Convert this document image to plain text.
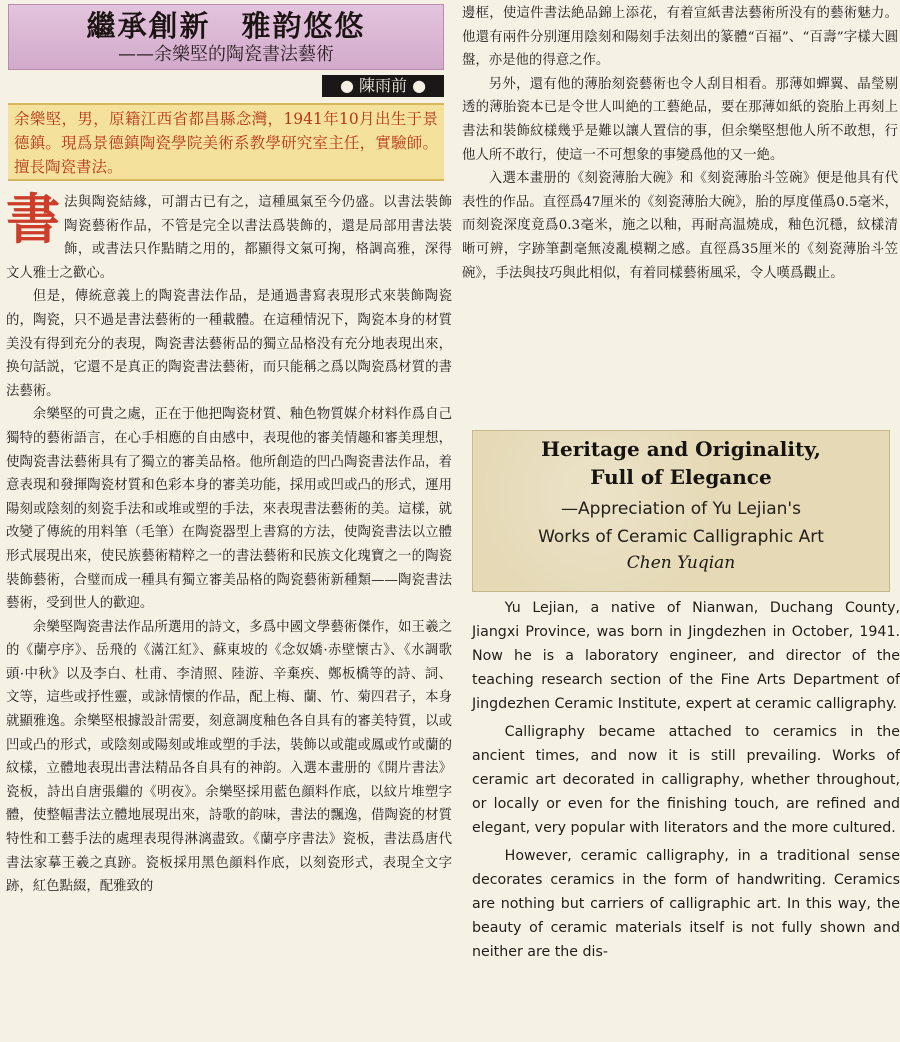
繼承創新　雅韵悠悠
——余樂堅的陶瓷書法藝術
● 陳雨前 ●
余樂堅，男，原籍江西省都昌縣念灣，1941年10月出生于景德鎮。現爲景德鎮陶瓷學院美術系教學研究室主任，實驗師。擅長陶瓷書法。

書法與陶瓷結緣，可謂古已有之，這種風氣至今仍盛。以書法裝飾陶瓷藝術作品，不管是完全以書法爲裝飾的，還是局部用書法裝飾，或書法只作點睛之用的，都顯得文氣可掬，格調高雅，深得文人雅士之歡心。

但是，傳統意義上的陶瓷書法作品，是通過書寫表現形式來裝飾陶瓷的，陶瓷，只不過是書法藝術的一種載體。在這種情況下，陶瓷本身的材質美没有得到充分的表現，陶瓷書法藝術品的獨立品格没有充分地表現出來，换句話説，它還不是真正的陶瓷書法藝術，而只能稱之爲以陶瓷爲材質的書法藝術。

余樂堅的可貴之處，正在于他把陶瓷材質、釉色物質媒介材料作爲自己獨特的藝術語言，在心手相應的自由感中，表現他的審美情趣和審美理想，使陶瓷書法藝術具有了獨立的審美品格。他所創造的凹凸陶瓷書法作品，着意表現和發揮陶瓷材質和色彩本身的審美功能，採用或凹或凸的形式，運用陽刻或陰刻的刻瓷手法和或堆或塑的手法，來表現書法藝術的美。這樣，就改變了傳統的用料筆（毛筆）在陶瓷器型上書寫的方法，使陶瓷書法以立體形式展現出來，使民族藝術精粹之一的書法藝術和民族文化瑰寶之一的陶瓷裝飾藝術，合璧而成一種具有獨立審美品格的陶瓷藝術新種類——陶瓷書法藝術，受到世人的歡迎。

余樂堅陶瓷書法作品所選用的詩文，多爲中國文學藝術傑作，如王羲之的《蘭亭序》、岳飛的《滿江紅》、蘇東坡的《念奴嬌·赤壁懷古》、《水調歌頭·中秋》以及李白、杜甫、李清照、陸游、辛棄疾、鄭板橋等的詩、詞、文等，這些或抒性靈，或詠情懷的作品，配上梅、蘭、竹、菊四君子，本身就顯雅逸。余樂堅根據設計需要，刻意調度釉色各自具有的審美特質，以或凹或凸的形式，或陰刻或陽刻或堆或塑的手法，裝飾以或龍或鳳或竹或蘭的紋樣，立體地表現出書法精品各自具有的神韵。入選本畫册的《開片書法》瓷板，詩出自唐張繼的《明夜》。余樂堅採用藍色顔料作底，以紋片堆塑字體，使整幅書法立體地展現出來，詩歌的韵味，書法的飄逸，借陶瓷的材質特性和工藝手法的處理表現得淋漓盡致。《蘭亭序書法》瓷板，書法爲唐代書法家摹王羲之真跡。瓷板採用黑色顔料作底，以刻瓷形式，表現全文字跡，紅色點綴，配雅致的

邊框，使這件書法絶品錦上添花，有着宣紙書法藝術所没有的藝術魅力。他還有兩件分别運用陰刻和陽刻手法刻出的篆體“百福”、“百壽”字樣大圓盤，亦是他的得意之作。

另外，還有他的薄胎刻瓷藝術也令人刮目相看。那薄如蟬翼、晶瑩剔透的薄胎瓷本已是令世人叫絶的工藝絶品，要在那薄如紙的瓷胎上再刻上書法和裝飾紋樣幾乎是難以讓人置信的事，但余樂堅想他人所不敢想，行他人所不敢行，使這一不可想象的事變爲他的又一絶。

入選本畫册的《刻瓷薄胎大碗》和《刻瓷薄胎斗笠碗》便是他具有代表性的作品。直徑爲47厘米的《刻瓷薄胎大碗》，胎的厚度僅爲0.5毫米，而刻瓷深度竟爲0.3毫米，施之以釉，再耐高温燒成，釉色沉穩，紋樣清晰可辨，字跡筆劃毫無凌亂模糊之感。直徑爲35厘米的《刻瓷薄胎斗笠碗》，手法與技巧與此相似，有着同樣藝術風采，令人嘆爲觀止。

Heritage and Originality,
Full of Elegance
—Appreciation of Yu Lejian's
Works of Ceramic Calligraphic Art
Chen Yuqian

Yu Lejian, a native of Nianwan, Duchang County, Jiangxi Province, was born in Jingdezhen in October, 1941. Now he is a laboratory engineer, and director of the teaching research section of the Fine Arts Department of Jingdezhen Ceramic Institute, expert at ceramic calligraphy.

Calligraphy became attached to ceramics in the ancient times, and now it is still prevailing. Works of ceramic art decorated in calligraphy, whether throughout, or locally or even for the finishing touch, are refined and elegant, very popular with literators and the more cultured.

However, ceramic calligraphy, in a traditional sense decorates ceramics in the form of handwriting. Ceramics are nothing but carriers of calligraphic art. In this way, the beauty of ceramic materials itself is not fully shown and neither are the dis-
